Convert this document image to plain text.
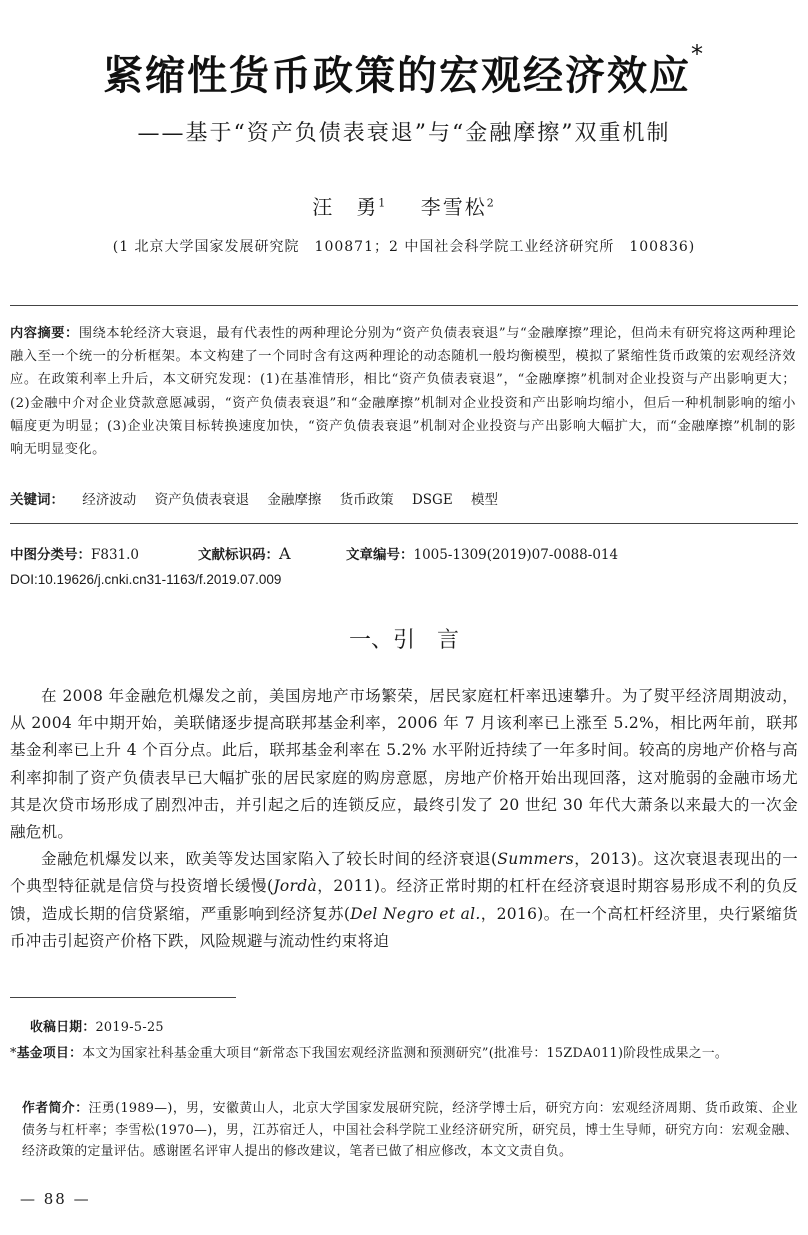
紧缩性货币政策的宏观经济效应*
——基于“资产负债表衰退”与“金融摩擦”双重机制
汪　勇$^1$ 李雪松$^2$
(1 北京大学国家发展研究院　100871；2 中国社会科学院工业经济研究所　100836)
内容摘要：围绕本轮经济大衰退，最有代表性的两种理论分别为“资产负债表衰退”与“金融摩擦”理论，但尚未有研究将这两种理论融入至一个统一的分析框架。本文构建了一个同时含有这两种理论的动态随机一般均衡模型，模拟了紧缩性货币政策的宏观经济效应。在政策利率上升后，本文研究发现：(1)在基准情形，相比“资产负债表衰退”，“金融摩擦”机制对企业投资与产出影响更大；(2)金融中介对企业贷款意愿减弱，“资产负债表衰退”和“金融摩擦”机制对企业投资和产出影响均缩小，但后一种机制影响的缩小幅度更为明显；(3)企业决策目标转换速度加快，“资产负债表衰退”机制对企业投资与产出影响大幅扩大，而“金融摩擦”机制的影响无明显变化。
关键词： 经济波动 资产负债表衰退 金融摩擦 货币政策 DSGE 模型
中图分类号：F831.0	文献标识码：A	文章编号：1005-1309(2019)07-0088-014
DOI:10.19626/j.cnki.cn31-1163/f.2019.07.009
一、引　言

在 2008 年金融危机爆发之前，美国房地产市场繁荣，居民家庭杠杆率迅速攀升。为了熨平经济周期波动，从 2004 年中期开始，美联储逐步提高联邦基金利率，2006 年 7 月该利率已上涨至 5.2%，相比两年前，联邦基金利率已上升 4 个百分点。此后，联邦基金利率在 5.2% 水平附近持续了一年多时间。较高的房地产价格与高利率抑制了资产负债表早已大幅扩张的居民家庭的购房意愿，房地产价格开始出现回落，这对脆弱的金融市场尤其是次贷市场形成了剧烈冲击，并引起之后的连锁反应，最终引发了 20 世纪 30 年代大萧条以来最大的一次金融危机。

金融危机爆发以来，欧美等发达国家陷入了较长时间的经济衰退(Summers，2013)。这次衰退表现出的一个典型特征就是信贷与投资增长缓慢(Jordà，2011)。经济正常时期的杠杆在经济衰退时期容易形成不利的负反馈，造成长期的信贷紧缩，严重影响到经济复苏(Del Negro et al.，2016)。在一个高杠杆经济里，央行紧缩货币冲击引起资产价格下跌，风险规避与流动性约束将迫

收稿日期：2019-5-25
*基金项目：本文为国家社科基金重大项目“新常态下我国宏观经济监测和预测研究”(批准号：15ZDA011)阶段性成果之一。
作者简介：汪勇(1989—)，男，安徽黄山人，北京大学国家发展研究院，经济学博士后，研究方向：宏观经济周期、货币政策、企业债务与杠杆率；李雪松(1970—)，男，江苏宿迁人，中国社会科学院工业经济研究所，研究员，博士生导师，研究方向：宏观金融、经济政策的定量评估。感谢匿名评审人提出的修改建议，笔者已做了相应修改，本文文责自负。
— 88 —
